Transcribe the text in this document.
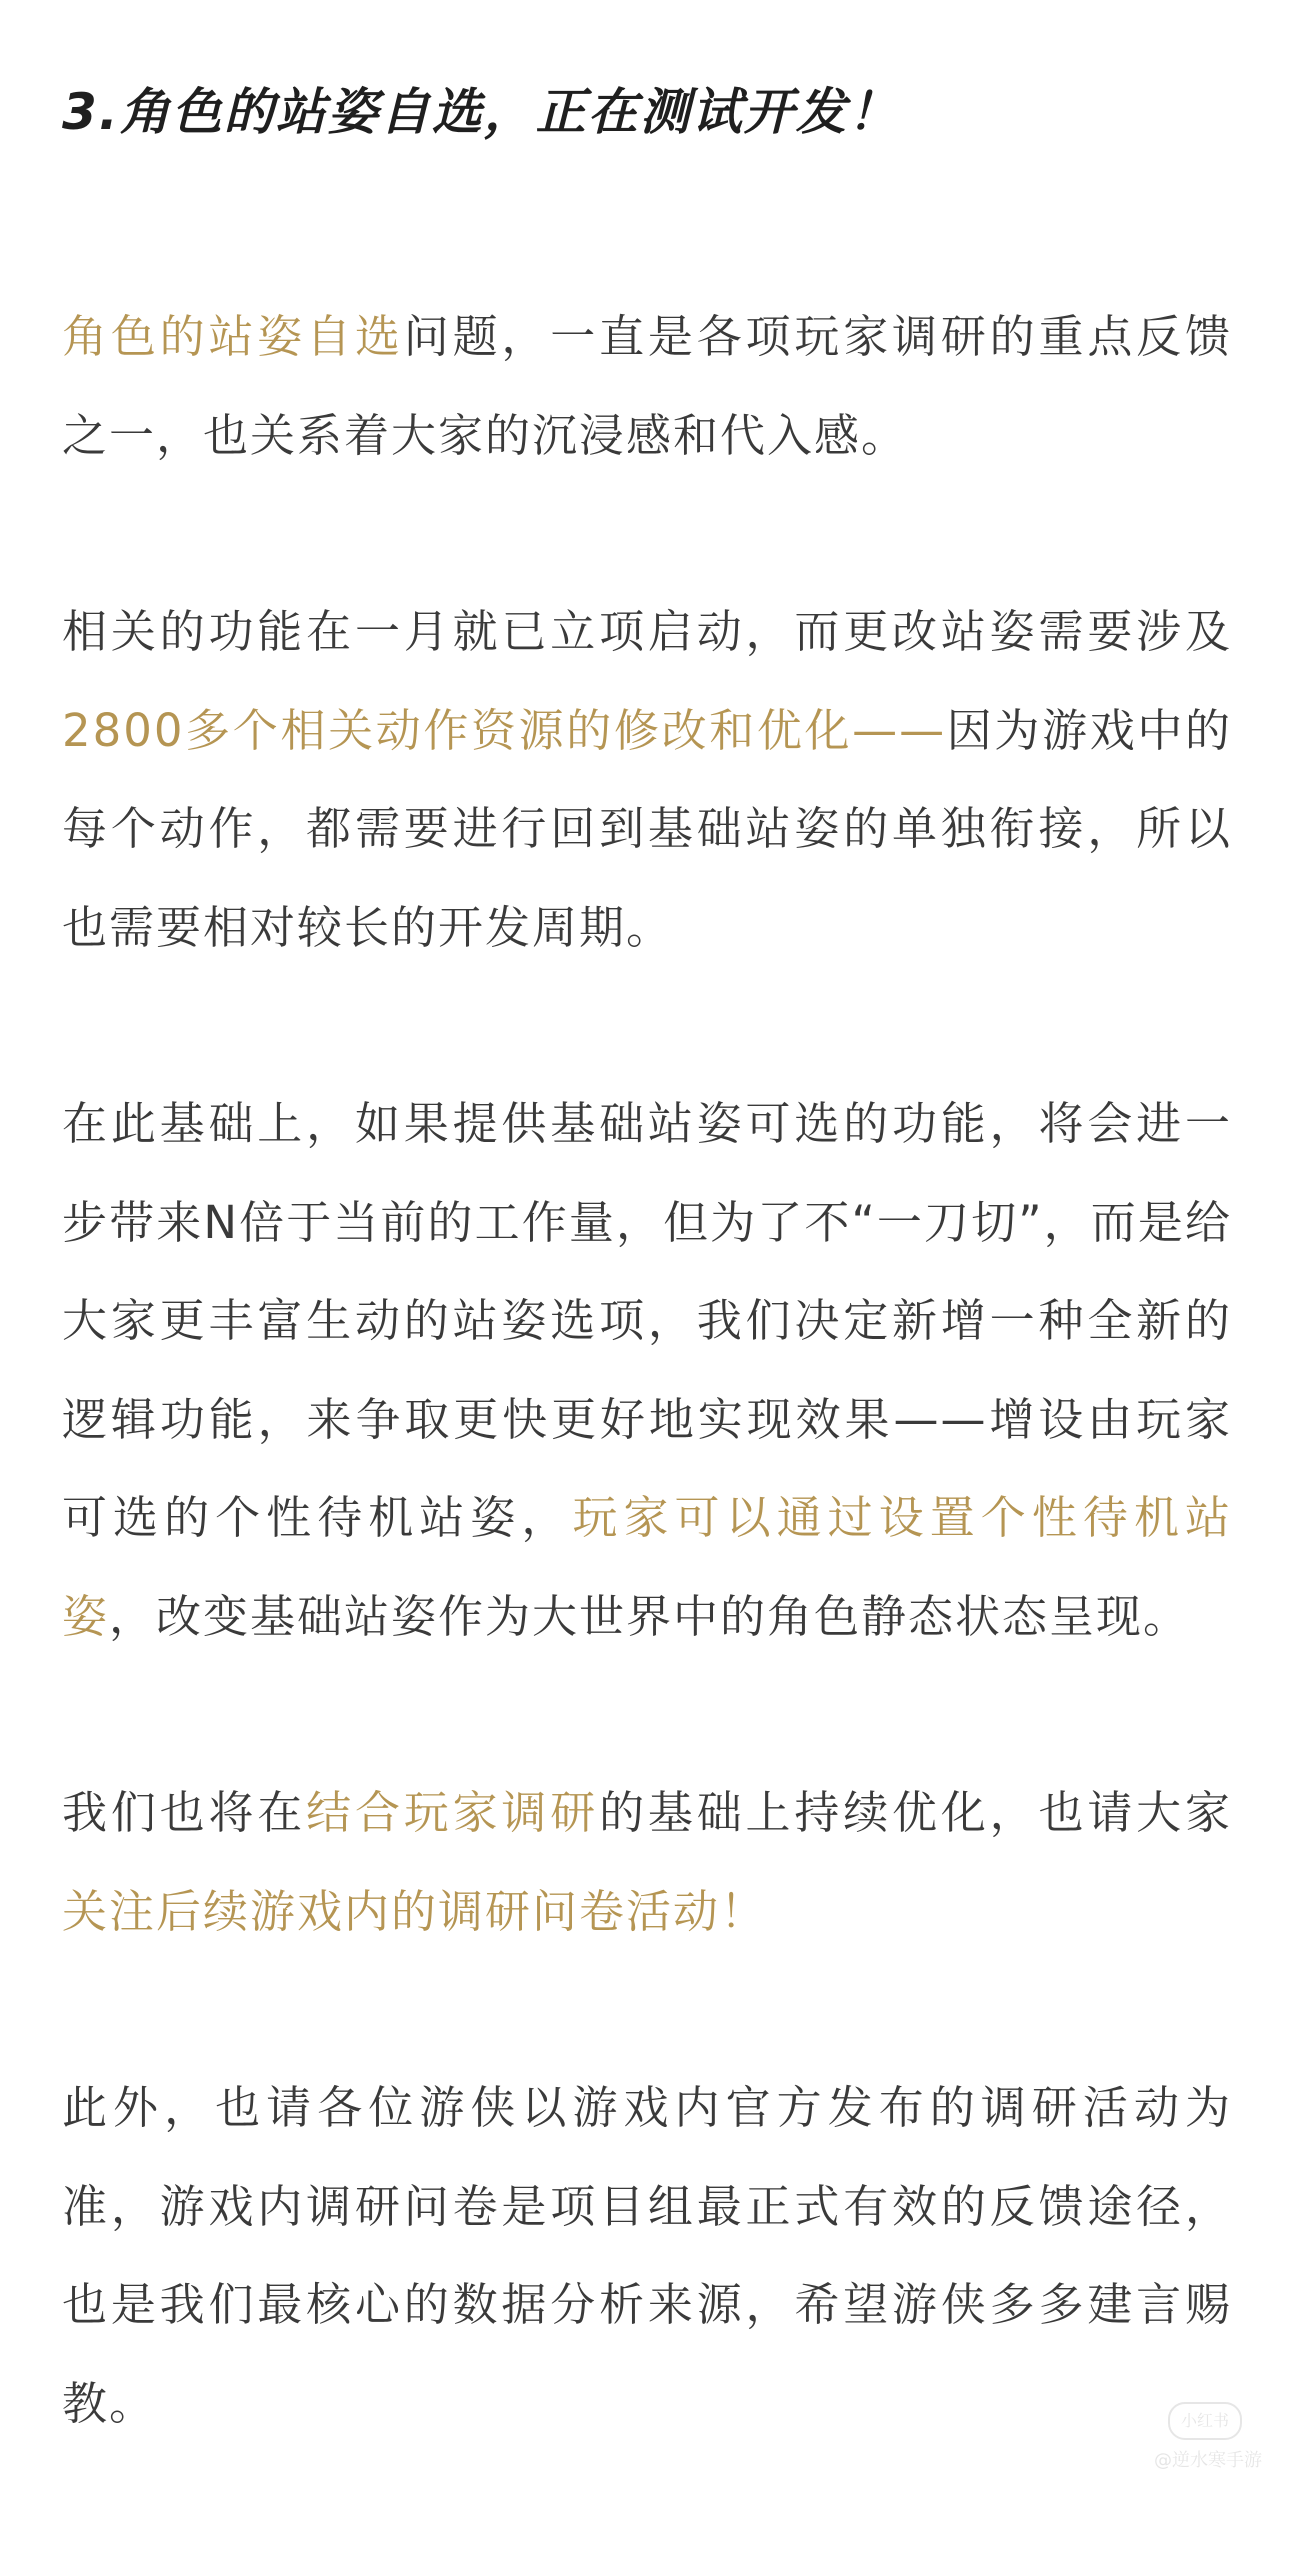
3.角色的站姿自选，正在测试开发！

角色的站姿自选问题，一直是各项玩家调研的重点反馈之一，也关系着大家的沉浸感和代入感。

相关的功能在一月就已立项启动，而更改站姿需要涉及2800多个相关动作资源的修改和优化——因为游戏中的每个动作，都需要进行回到基础站姿的单独衔接，所以也需要相对较长的开发周期。

在此基础上，如果提供基础站姿可选的功能，将会进一步带来N倍于当前的工作量，但为了不“一刀切”，而是给大家更丰富生动的站姿选项，我们决定新增一种全新的逻辑功能，来争取更快更好地实现效果——增设由玩家可选的个性待机站姿，玩家可以通过设置个性待机站姿，改变基础站姿作为大世界中的角色静态状态呈现。

我们也将在结合玩家调研的基础上持续优化，也请大家关注后续游戏内的调研问卷活动！

此外，也请各位游侠以游戏内官方发布的调研活动为准，游戏内调研问卷是项目组最正式有效的反馈途径，也是我们最核心的数据分析来源，希望游侠多多建言赐教。	小红书
@逆水寒手游
